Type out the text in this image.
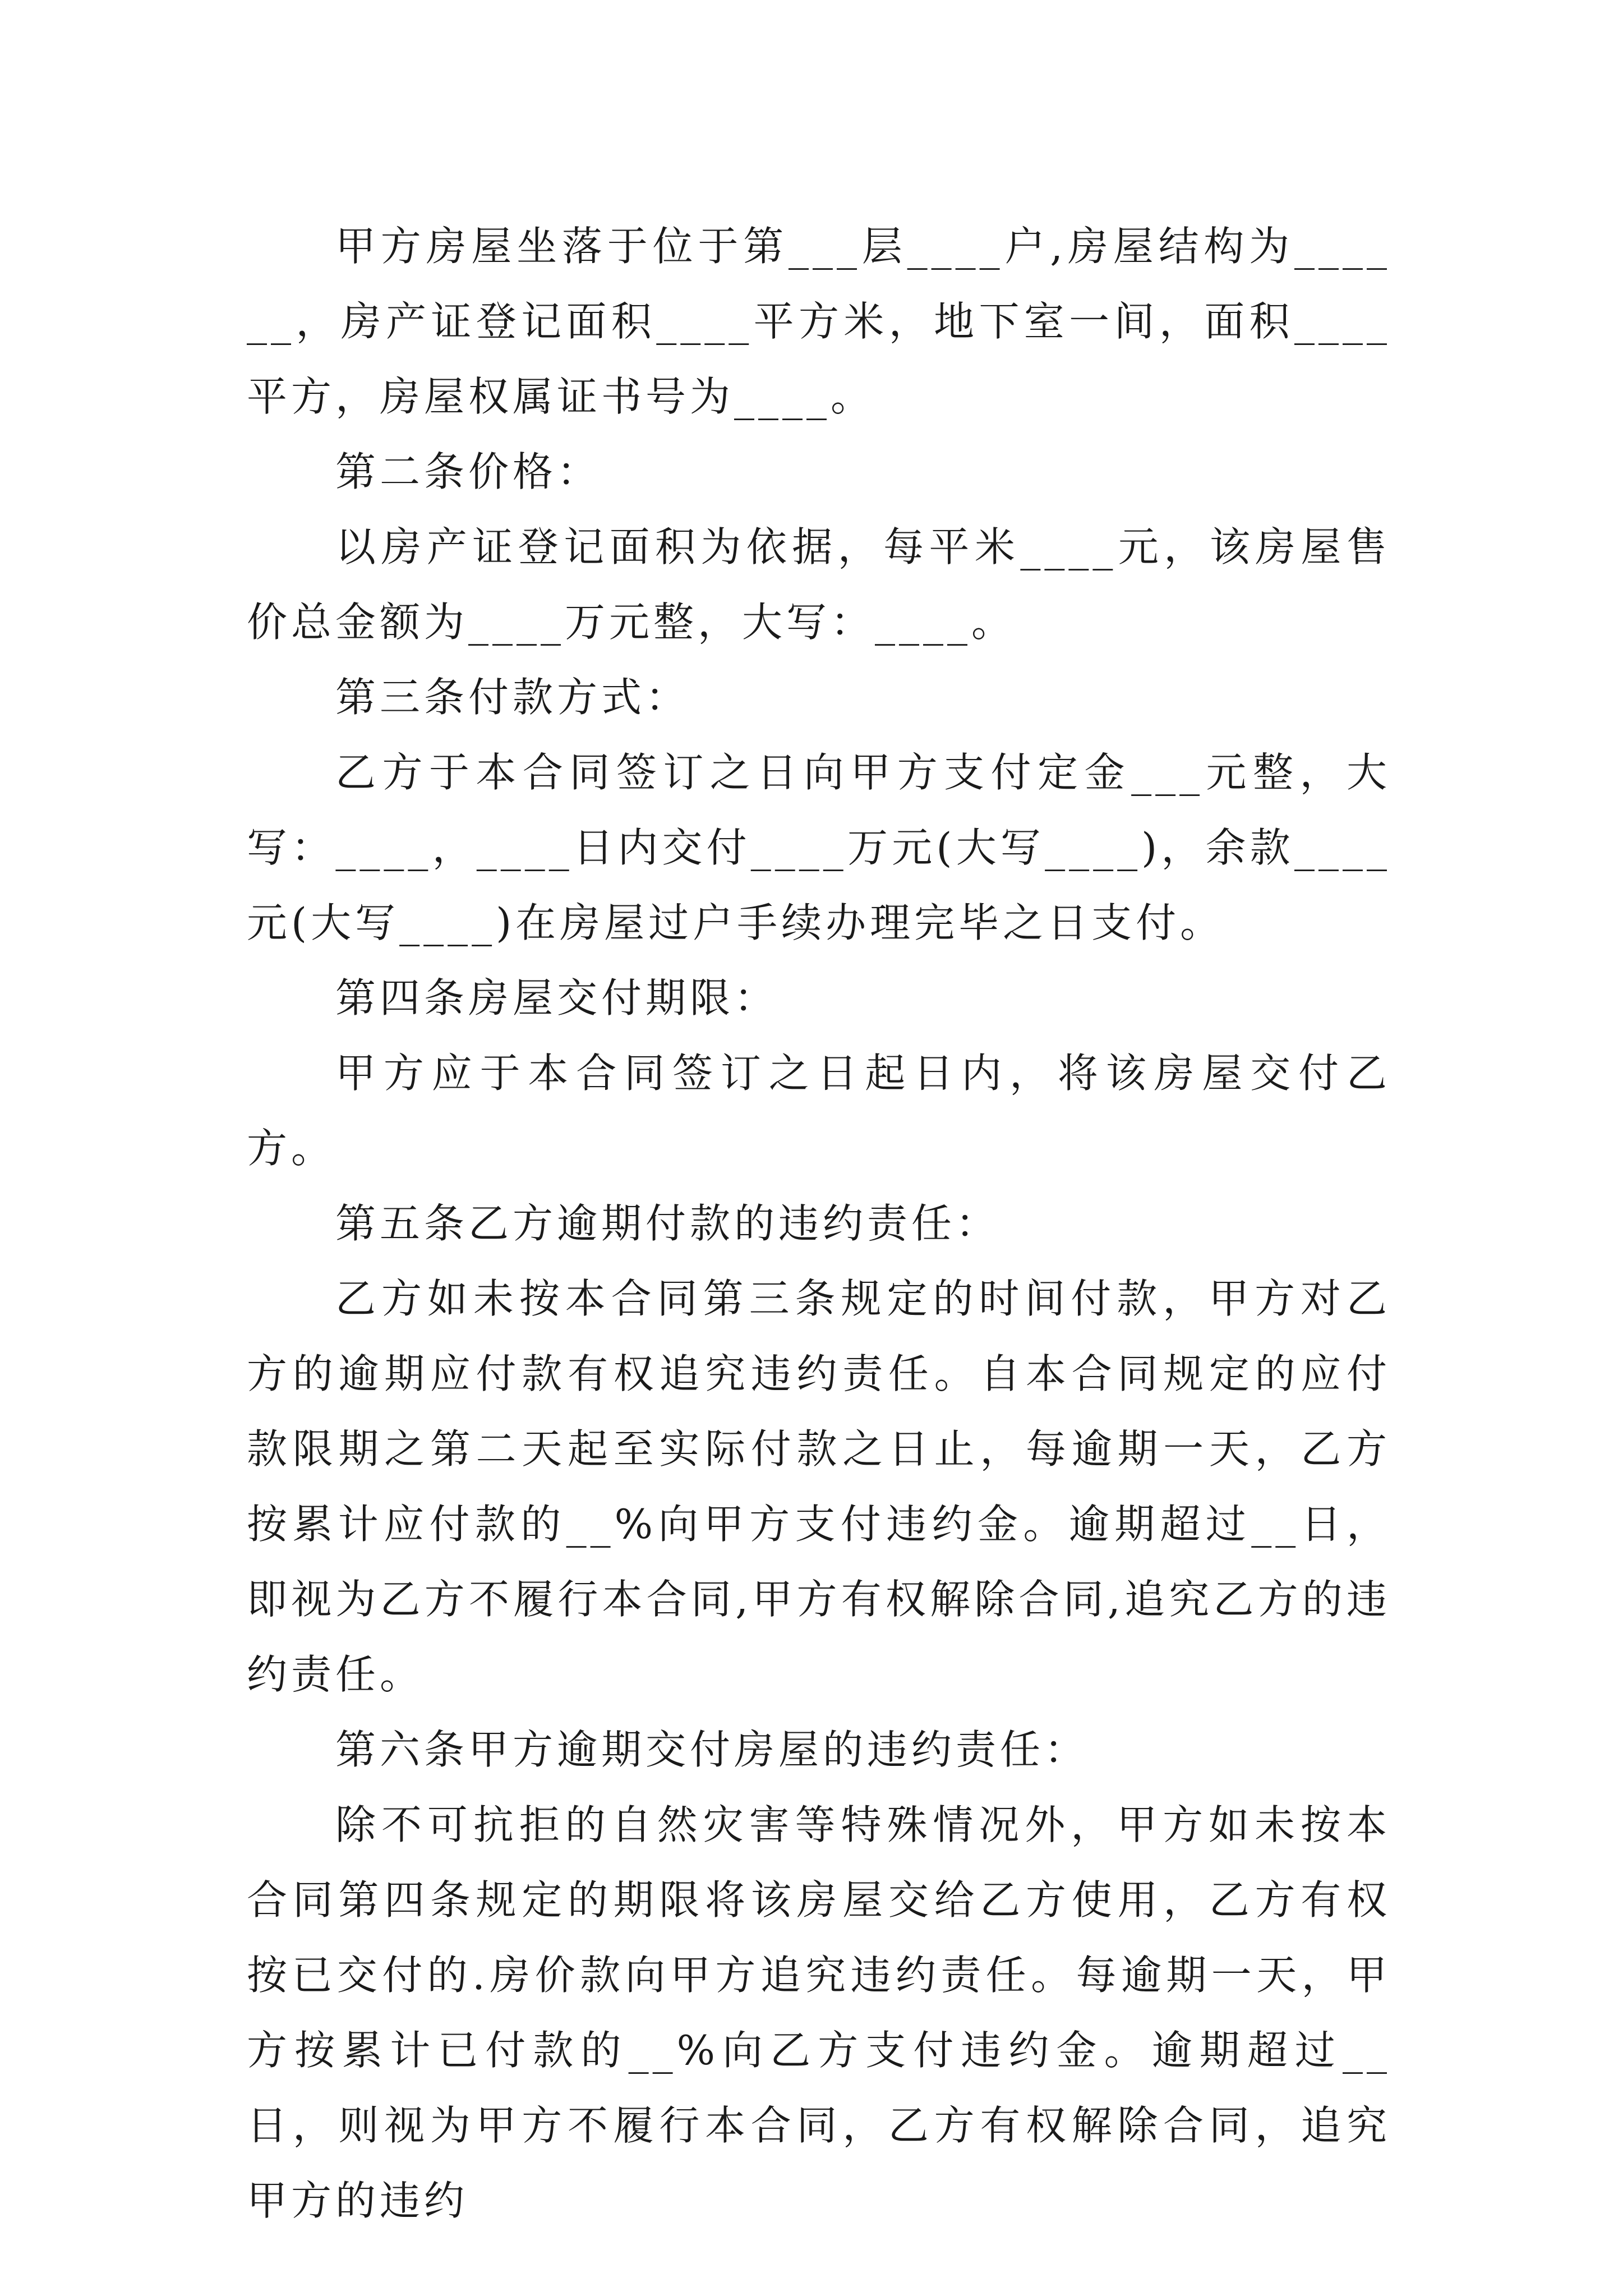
甲方房屋坐落于位于第___层____户,房屋结构为______，房产证登记面积____平方米，地下室一间，面积____平方，房屋权属证书号为____。

第二条价格：

以房产证登记面积为依据，每平米____元，该房屋售价总金额为____万元整，大写：____。

第三条付款方式：

乙方于本合同签订之日向甲方支付定金___元整，大写：____，____日内交付____万元(大写____)，余款____元(大写____)在房屋过户手续办理完毕之日支付。

第四条房屋交付期限：

甲方应于本合同签订之日起日内，将该房屋交付乙方。

第五条乙方逾期付款的违约责任：

乙方如未按本合同第三条规定的时间付款，甲方对乙方的逾期应付款有权追究违约责任。自本合同规定的应付款限期之第二天起至实际付款之日止，每逾期一天，乙方按累计应付款的__%向甲方支付违约金。逾期超过__日，即视为乙方不履行本合同,甲方有权解除合同,追究乙方的违约责任。

第六条甲方逾期交付房屋的违约责任：

除不可抗拒的自然灾害等特殊情况外，甲方如未按本合同第四条规定的期限将该房屋交给乙方使用，乙方有权按已交付的.房价款向甲方追究违约责任。每逾期一天，甲方按累计已付款的__%向乙方支付违约金。逾期超过__日，则视为甲方不履行本合同，乙方有权解除合同，追究甲方的违约
